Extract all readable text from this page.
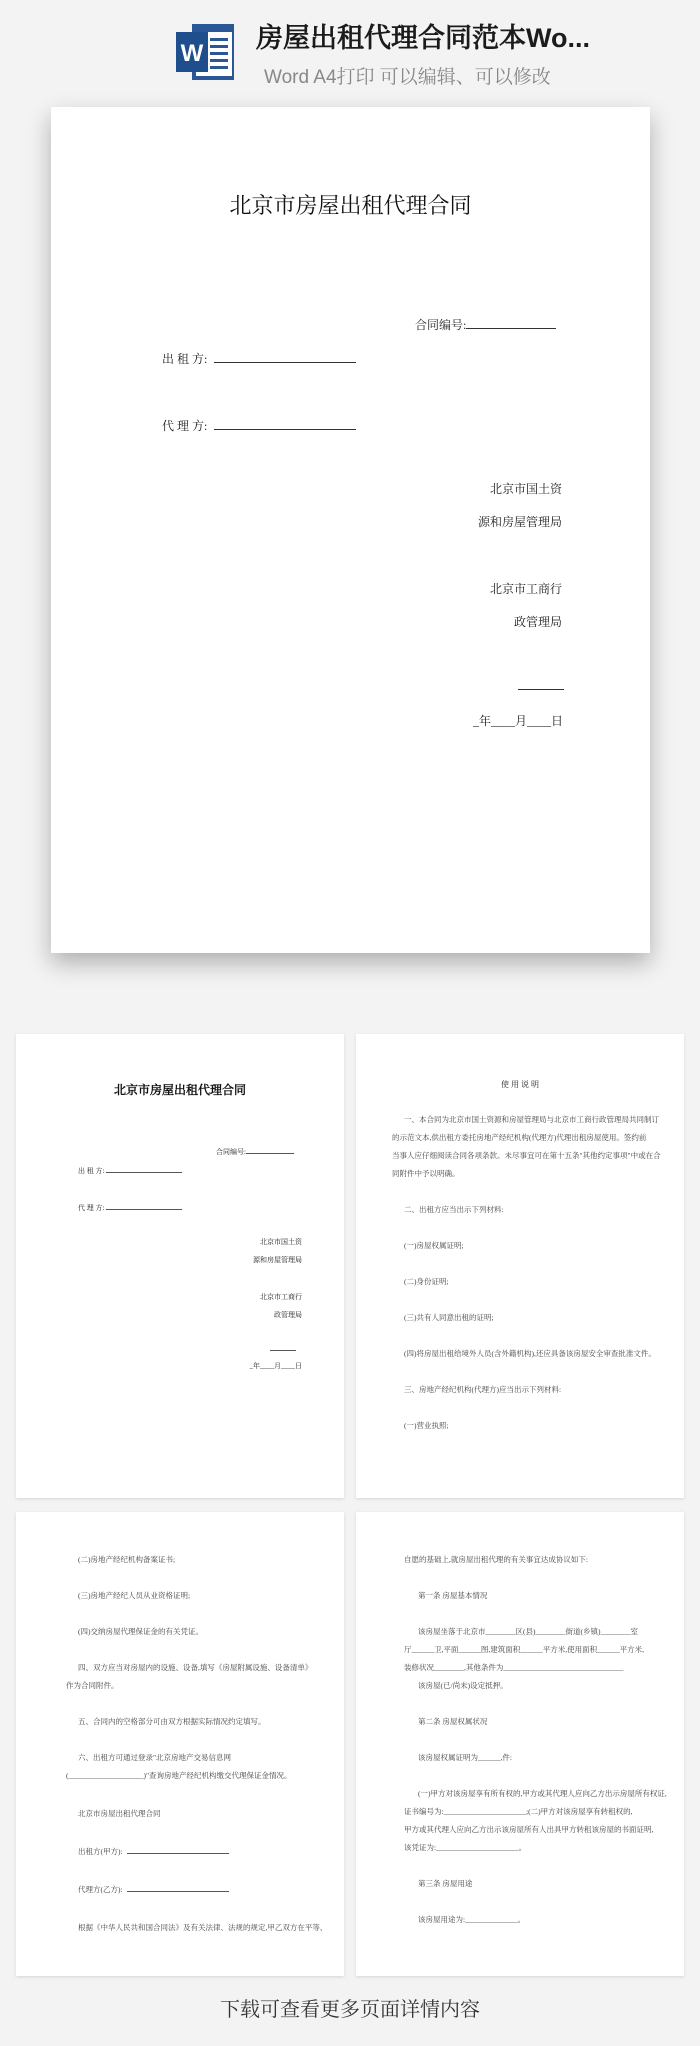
W
房屋出租代理合同范本Wo...
Word A4打印 可以编辑、可以修改
北京市房屋出租代理合同
合同编号:
出 租 方:
代 理 方:
北京市国土资
源和房屋管理局
北京市工商行
政管理局
_年____月____日
北京市房屋出租代理合同
合同编号:
出 租 方:
代 理 方:
北京市国土资
源和房屋管理局
北京市工商行
政管理局
_年____月____日
使 用 说 明
一、本合同为北京市国土资源和房屋管理局与北京市工商行政管理局共同制订
的示范文本,供出租方委托房地产经纪机构(代理方)代理出租房屋使用。签约前
当事人应仔细阅读合同各项条款。未尽事宜可在第十五条"其他约定事项"中或在合
同附件中予以明确。
二、出租方应当出示下列材料:
(一)房屋权属证明;
(二)身份证明;
(三)共有人同意出租的证明;
(四)将房屋出租给境外人员(含外籍机构),还应具备该房屋安全审查批准文件。
三、房地产经纪机构(代理方)应当出示下列材料:
(一)营业执照;
(二)房地产经纪机构备案证书;
(三)房地产经纪人员从业资格证明;
(四)交纳房屋代理保证金的有关凭证。
四、双方应当对房屋内的设施、设备,填写《房屋附属设施、设备清单》
作为合同附件。
五、合同内的空格部分可由双方根据实际情况约定填写。
六、出租方可通过登录"北京房地产交易信息网
(____________________)"查询房地产经纪机构缴交代理保证金情况。
北京市房屋出租代理合同
出租方(甲方):
代理方(乙方):
根据《中华人民共和国合同法》及有关法律、法规的规定,甲乙双方在平等、
自愿的基础上,就房屋出租代理的有关事宜达成协议如下:
第一条 房屋基本情况
该房屋坐落于北京市________区(县)________街道(乡镇)________室
厅______卫,平面______图,建筑面积______平方米,使用面积______平方米,
装修状况________,其他条件为________________________________
该房屋(已/尚未)设定抵押。
第二条 房屋权属状况
该房屋权属证明为______,件:
(一)甲方对该房屋享有所有权的,甲方或其代理人应向乙方出示房屋所有权证,
证书编号为:______________________;(二)甲方对该房屋享有转租权的,
甲方或其代理人应向乙方出示该房屋所有人出具甲方转租该房屋的书面证明,
该凭证为:______________________。
第三条 房屋用途
该房屋用途为:______________。
下载可查看更多页面详情内容
